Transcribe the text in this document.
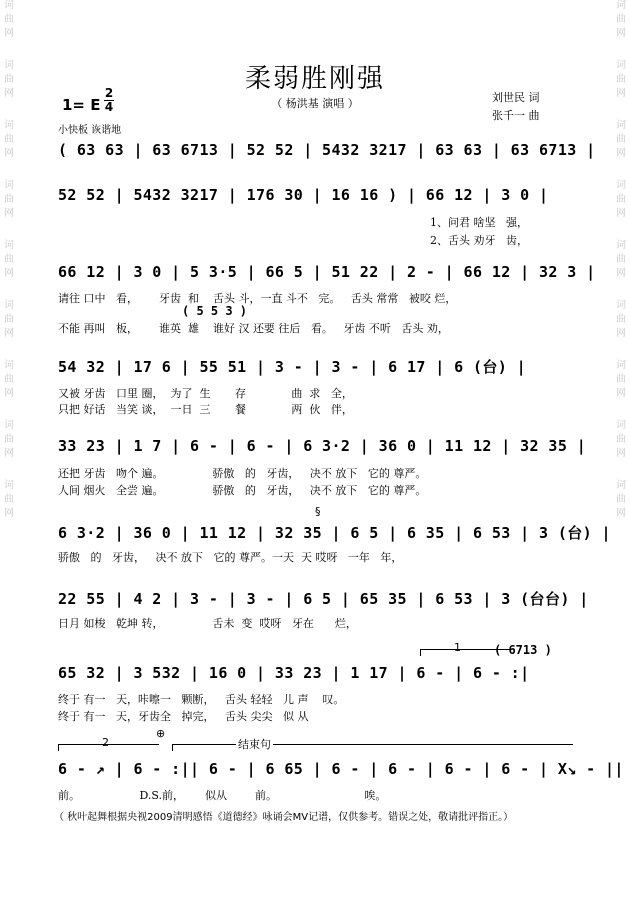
词
曲
网
词
曲
网
词
曲
网
词
曲
网
词
曲
网
词
曲
网
词
曲
网
词
曲
网
词
曲
网
词
曲
网
词
曲
网
词
曲
网
词
曲
网
词
曲
网
词
曲
网
词
曲
网
词
曲
网
词
曲
网
柔弱胜刚强
（ 杨洪基 演唱 ）	刘世民 词
张千一 曲
1= E
2
4
小快板 诙谐地
( 63 63 | 63 6713 | 52 52 | 5432 3217 | 63 63 | 63 6713 |
52 52 | 5432 3217 | 176 30 | 16 16 ) | 66 12 | 3 0 |
1、问君 啥坚   强，
2、舌头 劝牙   齿，
66 12 | 3 0 | 5 3·5 | 66 5 | 51 22 | 2 - | 66 12 | 32 3 |
请往 口中   看，      牙齿  和    舌头 斗，一直 斗不   完。   舌头 常常   被咬 烂，
( 5 5 3 )
不能 再叫   板，      谁英  雄    谁好 汉 还要 往后   看。   牙齿 不听   舌头 劝，
54 32 | 17 6 | 55 51 | 3 - | 3 - | 6 17 | 6 (台) |
又被 牙齿   口里 圈，  为了  生       存             曲  求   全，
只把 好话   当笑 谈，  一日  三       餐             两  伙   伴，
33 23 | 1 7 | 6 - | 6 - | 6 3·2 | 36 0 | 11 12 | 32 35 |
还把 牙齿   吻个 遍。              骄傲   的   牙齿，   决不 放下   它的 尊严。
人间 烟火   全尝 遍。              骄傲   的   牙齿，   决不 放下   它的 尊严。
§
6 3·2 | 36 0 | 11 12 | 32 35 | 6 5 | 6 35 | 6 53 | 3 (台) |
骄傲   的   牙齿，   决不 放下   它的 尊严。一天  天 哎呀   一年   年，
22 55 | 4 2 | 3 - | 3 - | 6 5 | 65 35 | 6 53 | 3 (台台) |
日月 如梭   乾坤 转，              舌未  变  哎呀   牙在      烂，
1	( 6713 )
65 32 | 3 532 | 16 0 | 33 23 | 1 17 | 6 - | 6 - :|
终于 有一   天，咔嚓一   颗断，   舌头 轻轻   儿 声    叹。
终于 有一   天，牙齿全   掉完，   舌头 尖尖   似 从
2
⊕
结束句
6 - ↗ | 6 - :|| 6 - | 6 65 | 6 - | 6 - | 6 - | 6 - | X↘ - ||
前。                 D.S.前，      似从        前。                         唉。
（ 秋叶起舞根据央视2009清明感悟《道德经》咏诵会MV记谱，仅供参考。错误之处，敬请批评指正。）
